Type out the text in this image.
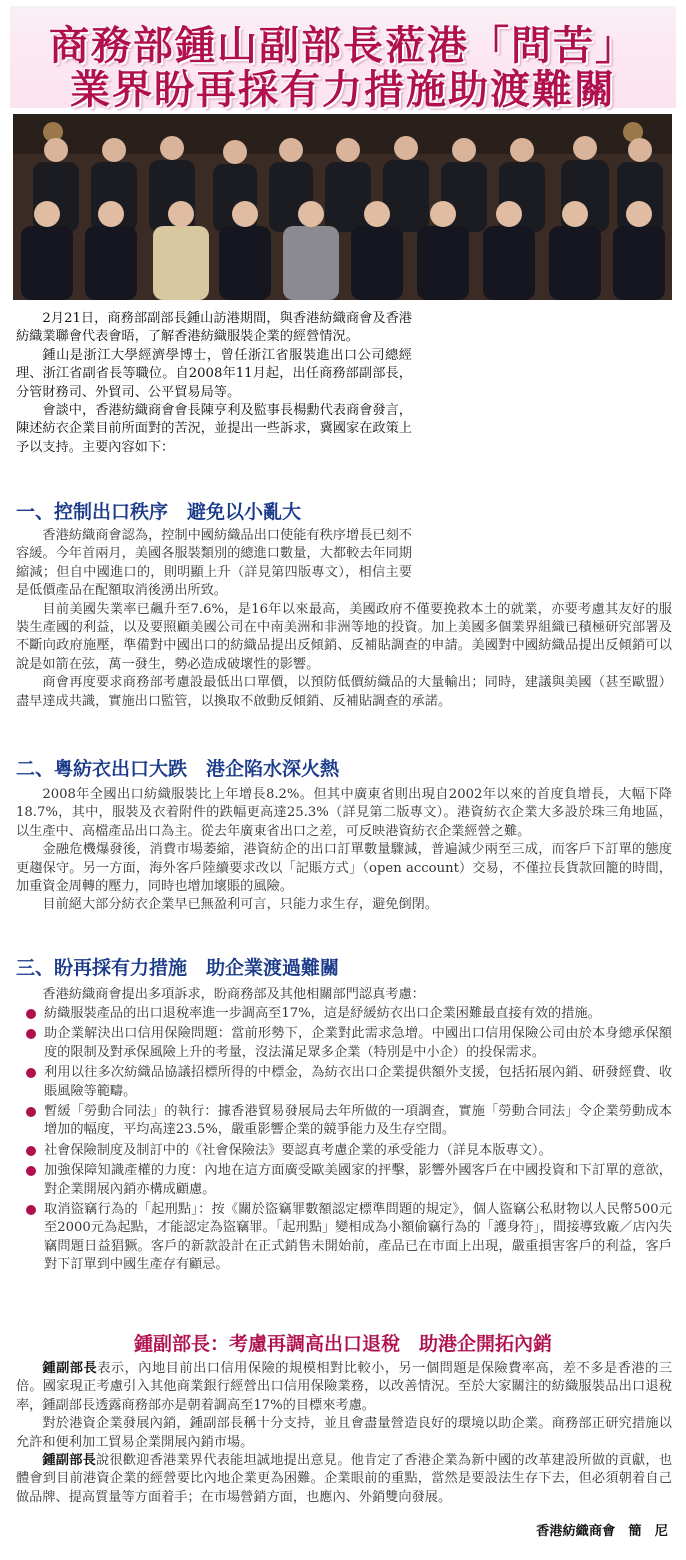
商務部鍾山副部長蒞港「問苦」
業界盼再採有力措施助渡難關

2月21日，商務部副部長鍾山訪港期間，與香港紡織商會及香港紡織業聯會代表會晤，了解香港紡織服裝企業的經營情況。

鍾山是浙江大學經濟學博士，曾任浙江省服裝進出口公司總經理、浙江省副省長等職位。自2008年11月起，出任商務部副部長，分管財務司、外貿司、公平貿易局等。

會談中，香港紡織商會會長陳亨利及監事長楊勳代表商會發言，陳述紡衣企業目前所面對的苦況，並提出一些訴求，冀國家在政策上予以支持。主要內容如下：

一、控制出口秩序　避免以小亂大

香港紡織商會認為，控制中國紡織品出口使能有秩序增長已刻不容緩。今年首兩月，美國各服裝類別的總進口數量，大都較去年同期縮減；但自中國進口的，則明顯上升（詳見第四版專文），相信主要是低價產品在配額取消後湧出所致。

目前美國失業率已飆升至7.6%，是16年以來最高，美國政府不僅要挽救本土的就業，亦要考慮其友好的服裝生產國的利益，以及要照顧美國公司在中南美洲和非洲等地的投資。加上美國多個業界組織已積極研究部署及不斷向政府施壓，準備對中國出口的紡織品提出反傾銷、反補貼調查的申請。美國對中國紡織品提出反傾銷可以說是如箭在弦，萬一發生，勢必造成破壞性的影響。

商會再度要求商務部考慮設最低出口單價，以預防低價紡織品的大量輸出；同時，建議與美國（甚至歐盟）盡早達成共識，實施出口監管，以換取不啟動反傾銷、反補貼調查的承諾。

二、粵紡衣出口大跌　港企陷水深火熱

2008年全國出口紡織服裝比上年增長8.2%。但其中廣東省則出現自2002年以來的首度負增長，大幅下降18.7%，其中，服裝及衣着附件的跌幅更高達25.3%（詳見第二版專文）。港資紡衣企業大多設於珠三角地區，以生產中、高檔產品出口為主。從去年廣東省出口之差，可反映港資紡衣企業經營之難。

金融危機爆發後，消費市場萎縮，港資紡企的出口訂單數量驟減，普遍減少兩至三成，而客戶下訂單的態度更趨保守。另一方面，海外客戶陸續要求改以「記賬方式」（open account）交易，不僅拉長貨款回籠的時間，加重資金周轉的壓力，同時也增加壞賬的風險。

目前絕大部分紡衣企業早已無盈利可言，只能力求生存，避免倒閉。

三、盼再採有力措施　助企業渡過難關

香港紡織商會提出多項訴求，盼商務部及其他相關部門認真考慮：

紡織服裝產品的出口退稅率進一步調高至17%，這是紓緩紡衣出口企業困難最直接有效的措施。
助企業解決出口信用保險問題：當前形勢下，企業對此需求急增。中國出口信用保險公司由於本身總承保額度的限制及對承保風險上升的考量，沒法滿足眾多企業（特別是中小企）的投保需求。
利用以往多次紡織品協議招標所得的中標金，為紡衣出口企業提供額外支援，包括拓展內銷、研發經費、收賬風險等範疇。
暫緩「勞動合同法」的執行：據香港貿易發展局去年所做的一項調查，實施「勞動合同法」令企業勞動成本增加的幅度，平均高達23.5%，嚴重影響企業的競爭能力及生存空間。
社會保險制度及制訂中的《社會保險法》要認真考慮企業的承受能力（詳見本版專文）。
加強保障知識產權的力度：內地在這方面廣受歐美國家的抨擊，影響外國客戶在中國投資和下訂單的意欲，對企業開展內銷亦構成顧慮。
取消盜竊行為的「起刑點」：按《關於盜竊罪數額認定標準問題的規定》，個人盜竊公私財物以人民幣500元至2000元為起點，才能認定為盜竊罪。「起刑點」變相成為小額偷竊行為的「護身符」，間接導致廠／店內失竊問題日益猖獗。客戶的新款設計在正式銷售未開始前，產品已在市面上出現，嚴重損害客戶的利益，客戶對下訂單到中國生產存有顧忌。
鍾副部長：考慮再調高出口退稅　助港企開拓內銷

鍾副部長表示，內地目前出口信用保險的規模相對比較小，另一個問題是保險費率高，差不多是香港的三倍。國家現正考慮引入其他商業銀行經營出口信用保險業務，以改善情況。至於大家關注的紡織服裝品出口退稅率，鍾副部長透露商務部亦是朝着調高至17%的目標來考慮。

對於港資企業發展內銷，鍾副部長稱十分支持，並且會盡量營造良好的環境以助企業。商務部正研究措施以允許和便利加工貿易企業開展內銷市場。

鍾副部長說很歡迎香港業界代表能坦誠地提出意見。他肯定了香港企業為新中國的改革建設所做的貢獻，也體會到目前港資企業的經營要比內地企業更為困難。企業眼前的重點，當然是要設法生存下去，但必須朝着自己做品牌、提高質量等方面着手；在市場營銷方面，也應內、外銷雙向發展。

香港紡織商會　簡　尼
